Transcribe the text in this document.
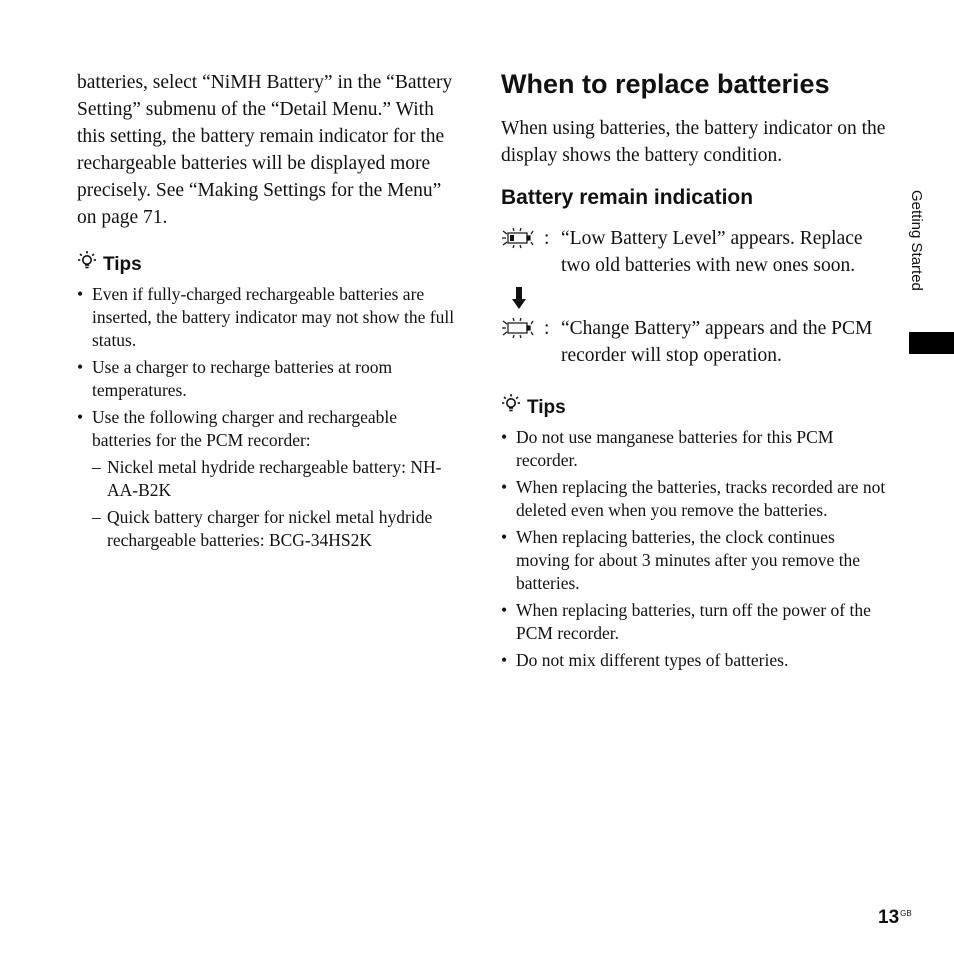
batteries, select “NiMH Battery” in the “Battery Setting” submenu of the “Detail Menu.” With this setting, the battery remain indicator for the rechargeable batteries will be displayed more precisely. See “Making Settings for the Menu” on page 71.

Tips
• Even if fully-charged rechargeable batteries are inserted, the battery indicator may not show the full status.
• Use a charger to recharge batteries at room temperatures.
• Use the following charger and rechargeable batteries for the PCM recorder:
– Nickel metal hydride rechargeable battery: NH-AA-B2K
– Quick battery charger for nickel metal hydride rechargeable batteries: BCG-34HS2K
When to replace batteries

When using batteries, the battery indicator on the display shows the battery condition.

Battery remain indication
: “Low Battery Level” appears. Replace two old batteries with new ones soon.
: “Change Battery” appears and the PCM recorder will stop operation.
Tips
• Do not use manganese batteries for this PCM recorder.
• When replacing the batteries, tracks recorded are not deleted even when you remove the batteries.
• When replacing batteries, the clock continues moving for about 3 minutes after you remove the batteries.
• When replacing batteries, turn off the power of the PCM recorder.
• Do not mix different types of batteries.
Getting Started
$13^{GB}$
